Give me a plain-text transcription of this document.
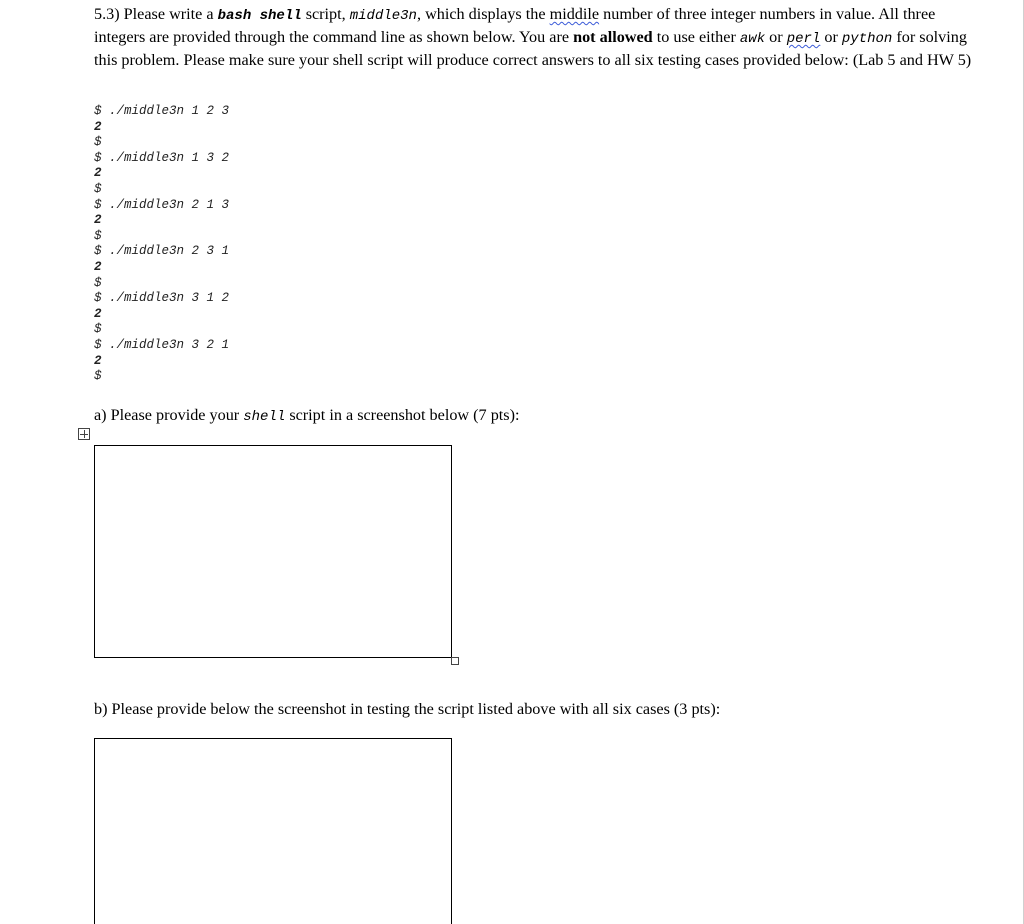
5.3) Please write a bash shell script, middle3n, which displays the middile number of three integer numbers in value. All three integers are provided through the command line as shown below. You are not allowed to use either awk or perl or python for solving this problem. Please make sure your shell script will produce correct answers to all six testing cases provided below: (Lab 5 and HW 5)
$ ./middle3n 1 2 3
2
$
$ ./middle3n 1 3 2
2
$
$ ./middle3n 2 1 3
2
$
$ ./middle3n 2 3 1
2
$
$ ./middle3n 3 1 2
2
$
$ ./middle3n 3 2 1
2
$
a) Please provide your shell script in a screenshot below (7 pts):
b) Please provide below the screenshot in testing the script listed above with all six cases (3 pts):
